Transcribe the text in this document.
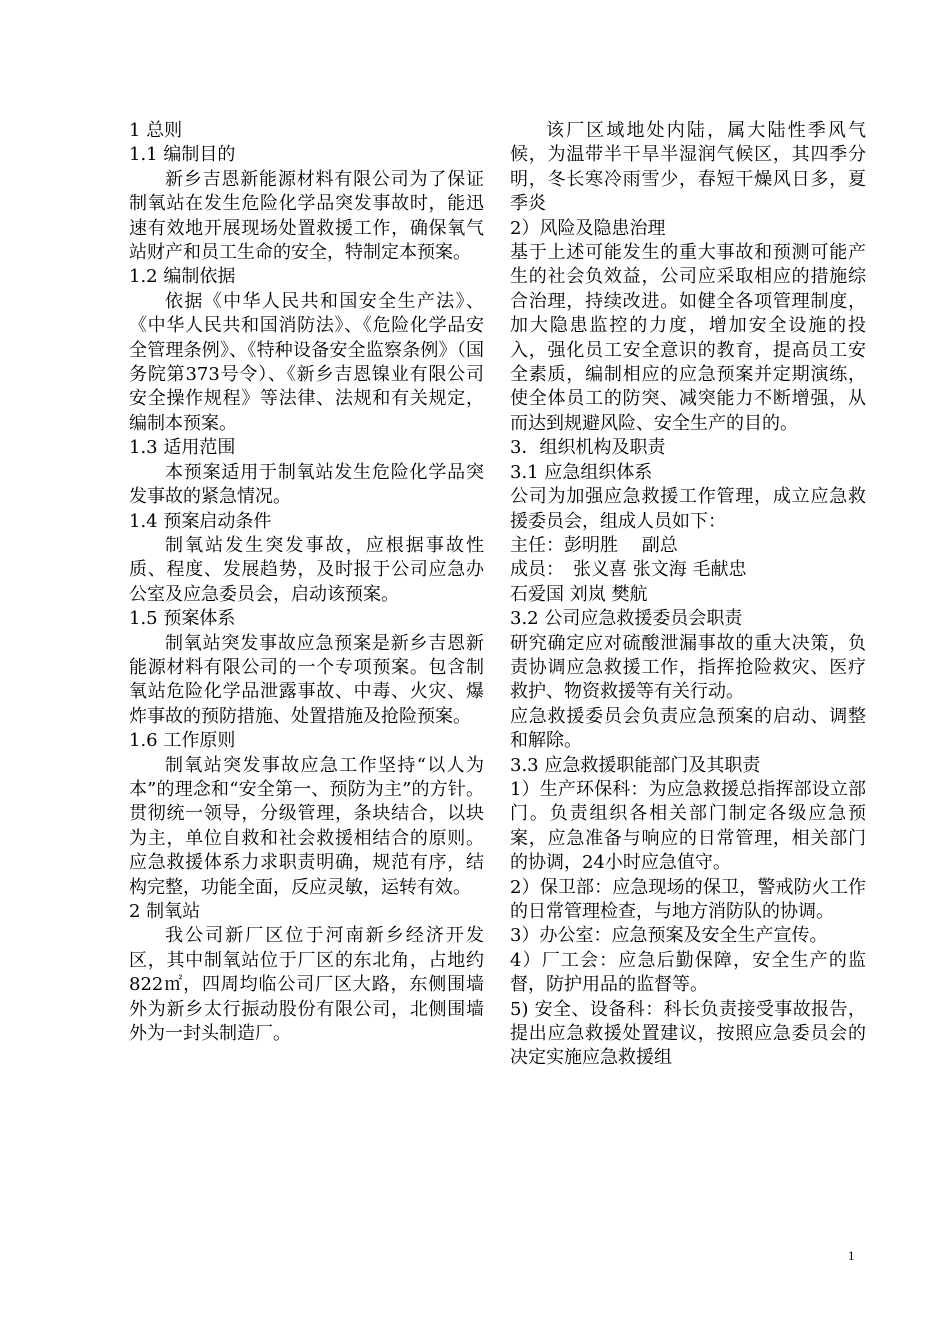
1 总则

1.1 编制目的

新乡吉恩新能源材料有限公司为了保证制氧站在发生危险化学品突发事故时，能迅速有效地开展现场处置救援工作，确保氧气站财产和员工生命的安全，特制定本预案。

1.2 编制依据

依据《中华人民共和国安全生产法》、《中华人民共和国消防法》、《危险化学品安全管理条例》、《特种设备安全监察条例》（国务院第373号令）、《新乡吉恩镍业有限公司安全操作规程》等法律、法规和有关规定，编制本预案。

1.3 适用范围

本预案适用于制氧站发生危险化学品突发事故的紧急情况。

1.4 预案启动条件

制氧站发生突发事故，应根据事故性质、程度、发展趋势，及时报于公司应急办公室及应急委员会，启动该预案。

1.5 预案体系

制氧站突发事故应急预案是新乡吉恩新能源材料有限公司的一个专项预案。包含制氧站危险化学品泄露事故、中毒、火灾、爆炸事故的预防措施、处置措施及抢险预案。

1.6 工作原则

制氧站突发事故应急工作坚持“以人为本”的理念和“安全第一、预防为主”的方针。贯彻统一领导，分级管理，条块结合，以块为主，单位自救和社会救援相结合的原则。应急救援体系力求职责明确，规范有序，结构完整，功能全面，反应灵敏，运转有效。

2 制氧站

我公司新厂区位于河南新乡经济开发区，其中制氧站位于厂区的东北角，占地约822㎡，四周均临公司厂区大路，东侧围墙外为新乡太行振动股份有限公司，北侧围墙外为一封头制造厂。

该厂区域地处内陆，属大陆性季风气候，为温带半干旱半湿润气候区，其四季分明，冬长寒冷雨雪少，春短干燥风日多，夏季炎

2）风险及隐患治理

基于上述可能发生的重大事故和预测可能产生的社会负效益，公司应采取相应的措施综合治理，持续改进。如健全各项管理制度，加大隐患监控的力度，增加安全设施的投入，强化员工安全意识的教育，提高员工安全素质，编制相应的应急预案并定期演练，使全体员工的防突、减突能力不断增强，从而达到规避风险、安全生产的目的。

3．组织机构及职责

3.1 应急组织体系

公司为加强应急救援工作管理，成立应急救援委员会，组成人员如下：

主任：彭明胜　 副总

成员：　张义喜 张文海 毛献忠

石爱国 刘岚 樊航

3.2 公司应急救援委员会职责

研究确定应对硫酸泄漏事故的重大决策，负责协调应急救援工作，指挥抢险救灾、医疗救护、物资救援等有关行动。

应急救援委员会负责应急预案的启动、调整和解除。

3.3 应急救援职能部门及其职责

1）生产环保科：为应急救援总指挥部设立部门。负责组织各相关部门制定各级应急预案，应急准备与响应的日常管理，相关部门的协调，24小时应急值守。

2）保卫部：应急现场的保卫，警戒防火工作的日常管理检查，与地方消防队的协调。

3）办公室：应急预案及安全生产宣传。

4）厂工会：应急后勤保障，安全生产的监督，防护用品的监督等。

5) 安全、设备科：科长负责接受事故报告，提出应急救援处置建议，按照应急委员会的决定实施应急救援组

1
